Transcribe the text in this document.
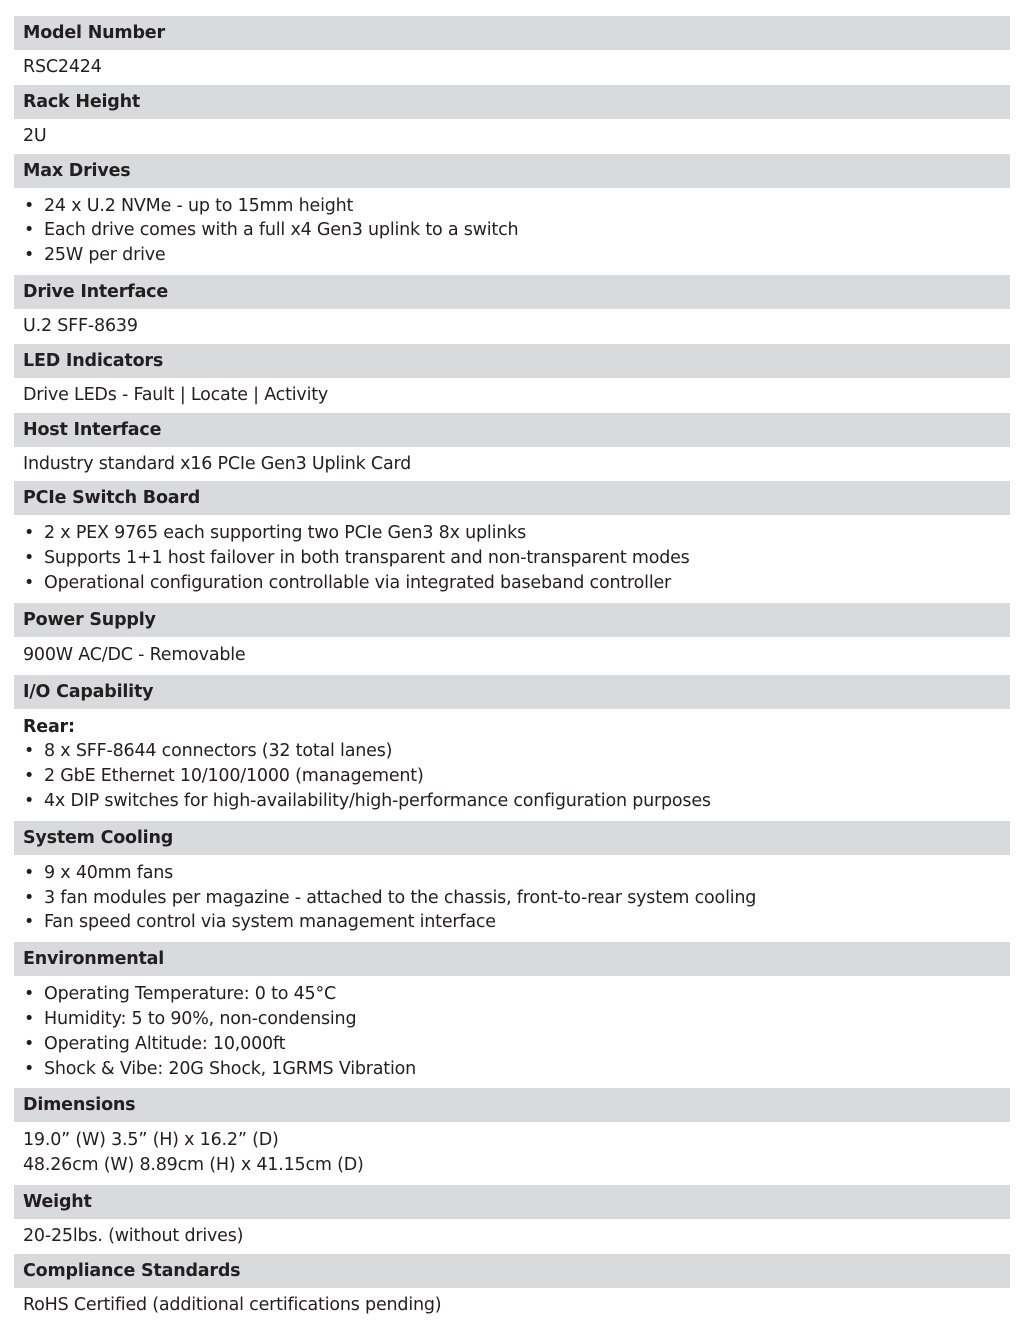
Model Number
RSC2424
Rack Height
2U
Max Drives
• 24 x U.2 NVMe - up to 15mm height
• Each drive comes with a full x4 Gen3 uplink to a switch
• 25W per drive
Drive Interface
U.2 SFF-8639
LED Indicators
Drive LEDs - Fault | Locate | Activity
Host Interface
Industry standard x16 PCIe Gen3 Uplink Card
PCIe Switch Board
• 2 x PEX 9765 each supporting two PCIe Gen3 8x uplinks
• Supports 1+1 host failover in both transparent and non-transparent modes
• Operational configuration controllable via integrated baseband controller
Power Supply
900W AC/DC - Removable
I/O Capability
Rear:
• 8 x SFF-8644 connectors (32 total lanes)
• 2 GbE Ethernet 10/100/1000 (management)
• 4x DIP switches for high-availability/high-performance configuration purposes
System Cooling
• 9 x 40mm fans
• 3 fan modules per magazine - attached to the chassis, front-to-rear system cooling
• Fan speed control via system management interface
Environmental
• Operating Temperature: 0 to 45°C
• Humidity: 5 to 90%, non-condensing
• Operating Altitude: 10,000ft
• Shock & Vibe: 20G Shock, 1GRMS Vibration
Dimensions
19.0” (W) 3.5” (H) x 16.2” (D)
48.26cm (W) 8.89cm (H) x 41.15cm (D)
Weight
20-25lbs. (without drives)
Compliance Standards
RoHS Certified (additional certifications pending)
